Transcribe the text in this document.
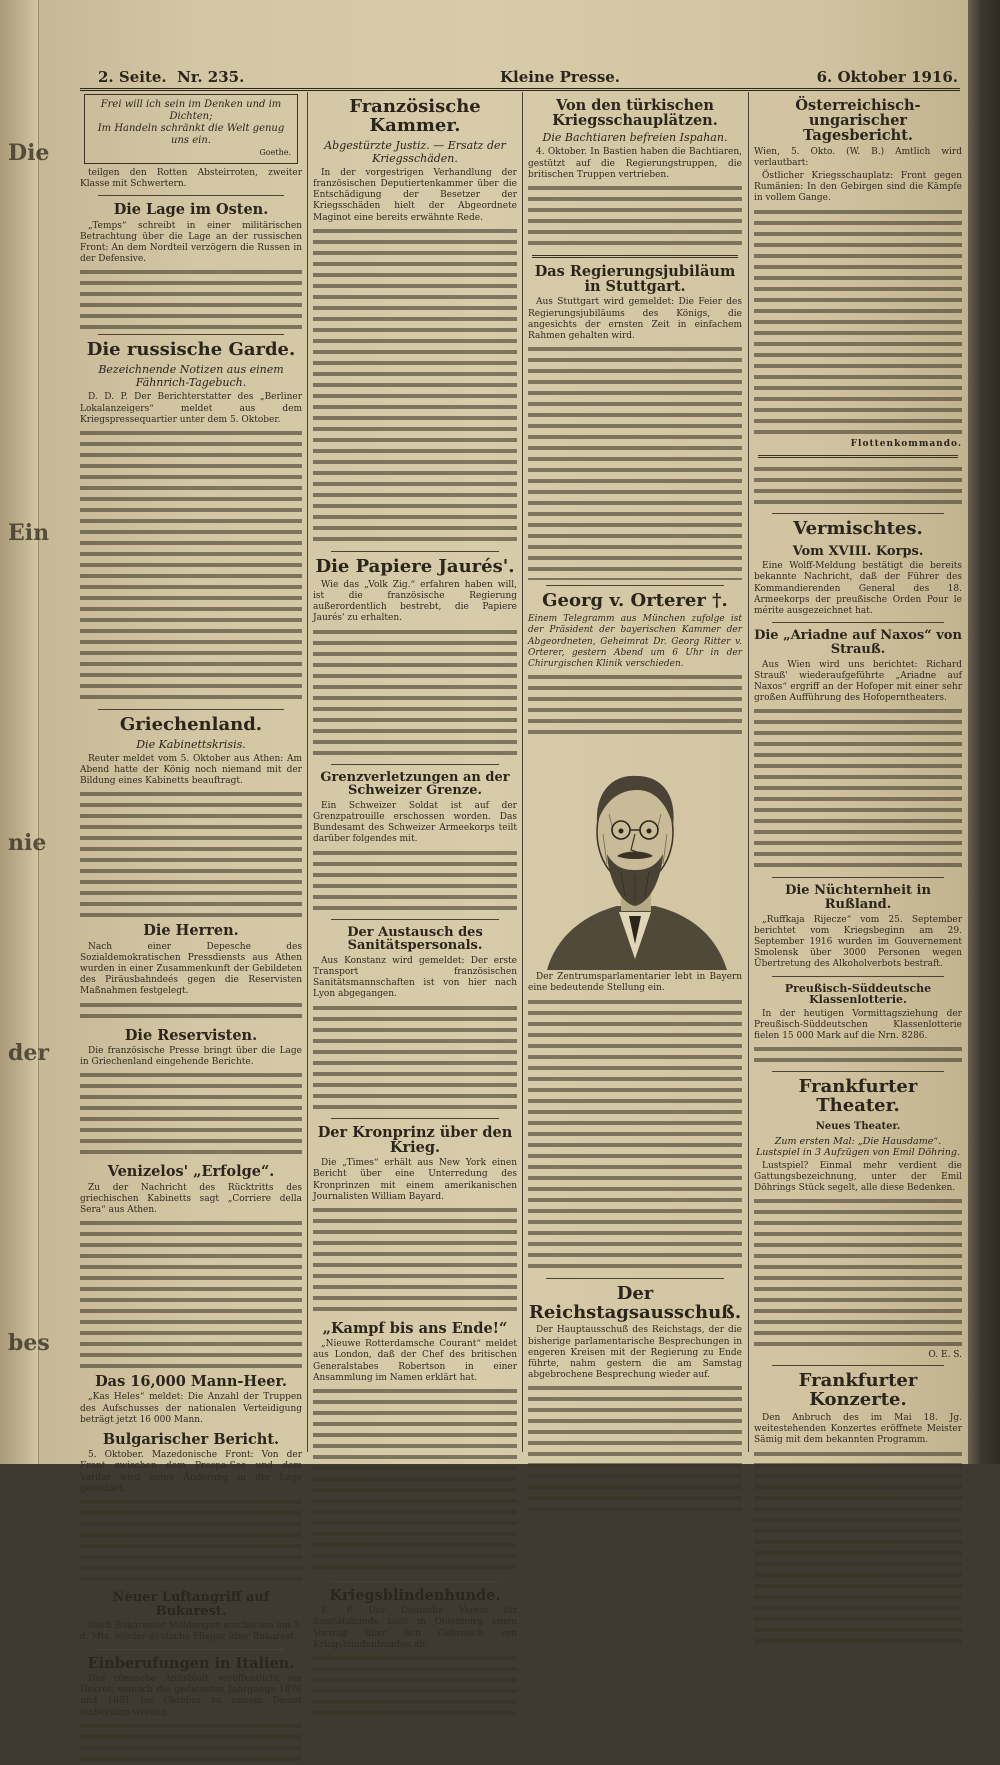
Die
Ein
nie
der
bes
2. Seite. Nr. 235.	Kleine Presse.	6. Oktober 1916.
Frei will ich sein im Denken und im Dichten;
Im Handeln schränkt die Welt genug uns ein.
Goethe.
teilgen den Rotten Absteirroten, zweiter Klasse mit Schwertern.
Die Lage im Osten.
„Temps“ schreibt in einer militärischen Betrachtung über die Lage an der russischen Front: An dem Nordteil verzögern die Russen in der Defensive.
Die russische Garde.
Bezeichnende Notizen aus einem Fähnrich-Tagebuch.
D. D. P. Der Berichterstatter des „Berliner Lokalanzeigers“ meldet aus dem Kriegspressequartier unter dem 5. Oktober.
Griechenland.
Die Kabinettskrisis.
Reuter meldet vom 5. Oktober aus Athen: Am Abend hatte der König noch niemand mit der Bildung eines Kabinetts beauftragt.
Die Herren.
Nach einer Depesche des Sozialdemokratischen Pressdiensts aus Athen wurden in einer Zusammenkunft der Gebildeten des Piräusbahndeés gegen die Reservisten Maßnahmen festgelegt.
Die Reservisten.
Die französische Presse bringt über die Lage in Griechenland eingehende Berichte.
Venizelos' „Erfolge“.
Zu der Nachricht des Rücktritts des griechischen Kabinetts sagt „Corriere della Sera“ aus Athen.
Das 16,000 Mann-Heer.
„Kas Heles“ meldet: Die Anzahl der Truppen des Aufschusses der nationalen Verteidigung beträgt jetzt 16 000 Mann.
Bulgarischer Bericht.
5. Oktober. Mazedonische Front: Von der Front zwischen dem Prespa-See und dem Vardar wird keine Änderung in der Lage gemeldet.
Neuer Luftangriff auf Bukarest.
Nach Bukarester Meldungen erschienen am 3. d. Mts. wieder deutsche Flieger über Bukarest.
Einberufungen in Italien.
Das römische Amtsblatt veröffentlicht ein Dekret, wonach die gediensten Jahrgänge 1876 und 1881 bis Oktober zu neuem Dienst einberufen werden.
Französische Kammer.
Abgestürzte Justiz. — Ersatz der Kriegsschäden.
In der vorgestrigen Verhandlung der französischen Deputiertenkammer über die Entschädigung der Besetzer der Kriegsschäden hielt der Abgeordnete Maginot eine bereits erwähnte Rede.
Die Papiere Jaurés'.
Wie das „Volk Zig.“ erfahren haben will, ist die französische Regierung außerordentlich bestrebt, die Papiere Jaurés' zu erhalten.
Grenzverletzungen an der Schweizer Grenze.
Ein Schweizer Soldat ist auf der Grenzpatrouille erschossen worden. Das Bundesamt des Schweizer Armeekorps teilt darüber folgendes mit.
Der Austausch des Sanitätspersonals.
Aus Konstanz wird gemeldet: Der erste Transport französischen Sanitätsmannschaften ist von hier nach Lyon abgegangen.
Der Kronprinz über den Krieg.
Die „Times“ erhält aus New York einen Bericht über eine Unterredung des Kronprinzen mit einem amerikanischen Journalisten William Bayard.
„Kampf bis ans Ende!“
„Nieuwe Rotterdamsche Courant“ meldet aus London, daß der Chef des britischen Generalstabes Robertson in einer Ansammlung im Namen erklärt hat.
Kriegsblindenhunde.
K. P. Der Deutsche Verein für Sanitätshunde hielt in Oldenburg einen Vortrag über den Gebrauch von Kriegsblindenhunden ab.
Von den türkischen Kriegsschauplätzen.
Die Bachtiaren befreien Ispahan.
4. Oktober. In Bastien haben die Bachtiaren, gestützt auf die Regierungstruppen, die britischen Truppen vertrieben.
Das Regierungsjubiläum in Stuttgart.
Aus Stuttgart wird gemeldet: Die Feier des Regierungsjubiläums des Königs, die angesichts der ernsten Zeit in einfachem Rahmen gehalten wird.
Georg v. Orterer †.
Einem Telegramm aus München zufolge ist der Präsident der bayerischen Kammer der Abgeordneten, Geheimrat Dr. Georg Ritter v. Orterer, gestern Abend um 6 Uhr in der Chirurgischen Klinik verschieden.
Der Zentrumsparlamentarier lebt in Bayern eine bedeutende Stellung ein.
Der Reichstagsausschuß.
Der Hauptausschuß des Reichstags, der die bisherige parlamentarische Besprechungen in engeren Kreisen mit der Regierung zu Ende führte, nahm gestern die am Samstag abgebrochene Besprechung wieder auf.
Österreichisch-ungarischer Tagesbericht.
Wien, 5. Okto. (W. B.) Amtlich wird verlautbart:
Östlicher Kriegsschauplatz: Front gegen Rumänien: In den Gebirgen sind die Kämpfe in vollem Gange.
Flottenkommando.
Vermischtes.
Vom XVIII. Korps.
Eine Wolff-Meldung bestätigt die bereits bekannte Nachricht, daß der Führer des Kommandierenden General des 18. Armeekorps der preußische Orden Pour le mérite ausgezeichnet hat.
Die „Ariadne auf Naxos“ von Strauß.
Aus Wien wird uns berichtet: Richard Strauß' wiederaufgeführte „Ariadne auf Naxos“ ergriff an der Hofoper mit einer sehr großen Aufführung des Hofoperntheaters.
Die Nüchternheit in Rußland.
„Ruffkaja Rijecze“ vom 25. September berichtet vom Kriegsbeginn am 29. September 1916 wurden im Gouvernement Smolensk über 3000 Personen wegen Übertretung des Alkoholverbots bestraft.
Preußisch-Süddeutsche Klassenlotterie.
In der heutigen Vormittagsziehung der Preußisch-Süddeutschen Klassenlotterie fielen 15 000 Mark auf die Nrn. 8286.
Frankfurter Theater.
Neues Theater.
Zum ersten Mal: „Die Hausdame“. Lustspiel in 3 Aufzügen von Emil Döhring.
Lustspiel? Einmal mehr verdient die Gattungsbezeichnung, unter der Emil Döhrings Stück segelt, alle diese Bedenken.
O. E. S.
Frankfurter Konzerte.
Den Anbruch des im Mai 18. Jg. weitestehenden Konzertes eröffnete Meister Sämig mit dem bekannten Programm.
